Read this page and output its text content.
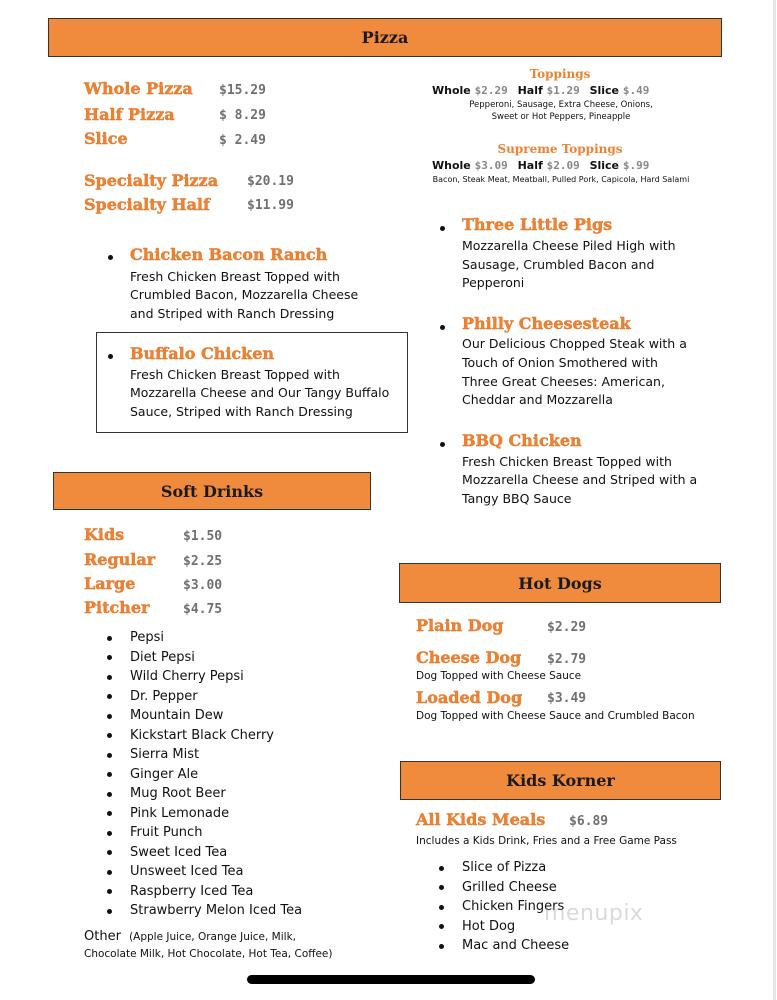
Pizza
Whole Pizza $15.29
Half Pizza	$ 8.29
Slice	$ 2.49
Specialty Pizza $20.19
Specialty Half	$11.99
Toppings
Whole $2.29 Half $1.29 Slice $.49
Pepperoni, Sausage, Extra Cheese, Onions,
Sweet or Hot Peppers, Pineapple
Supreme Toppings
Whole $3.09 Half $2.09 Slice $.99
Bacon, Steak Meat, Meatball, Pulled Pork, Capicola, Hard Salami
Chicken Bacon Ranch
Fresh Chicken Breast Topped with
Crumbled Bacon, Mozzarella Cheese
and Striped with Ranch Dressing
Buffalo Chicken
Fresh Chicken Breast Topped with
Mozzarella Cheese and Our Tangy Buffalo
Sauce, Striped with Ranch Dressing
Three Little Pigs
Mozzarella Cheese Piled High with
Sausage, Crumbled Bacon and
Pepperoni
Philly Cheesesteak
Our Delicious Chopped Steak with a
Touch of Onion Smothered with
Three Great Cheeses: American,
Cheddar and Mozzarella
BBQ Chicken
Fresh Chicken Breast Topped with
Mozzarella Cheese and Striped with a
Tangy BBQ Sauce
Soft Drinks
Kids	$1.50
Regular $2.25
Large	$3.00
Pitcher	$4.75
Pepsi
Diet Pepsi
Wild Cherry Pepsi
Dr. Pepper
Mountain Dew
Kickstart Black Cherry
Sierra Mist
Ginger Ale
Mug Root Beer
Pink Lemonade
Fruit Punch
Sweet Iced Tea
Unsweet Iced Tea
Raspberry Iced Tea
Strawberry Melon Iced Tea
Other (Apple Juice, Orange Juice, Milk,
Chocolate Milk, Hot Chocolate, Hot Tea, Coffee)
Hot Dogs
Plain Dog	$2.29
Cheese Dog $2.79
Dog Topped with Cheese Sauce
Loaded Dog $3.49
Dog Topped with Cheese Sauce and Crumbled Bacon
Kids Korner
All Kids Meals $6.89
Includes a Kids Drink, Fries and a Free Game Pass
Slice of Pizza
Grilled Cheese
Chicken Fingers
Hot Dog
Mac and Cheese
menupix
